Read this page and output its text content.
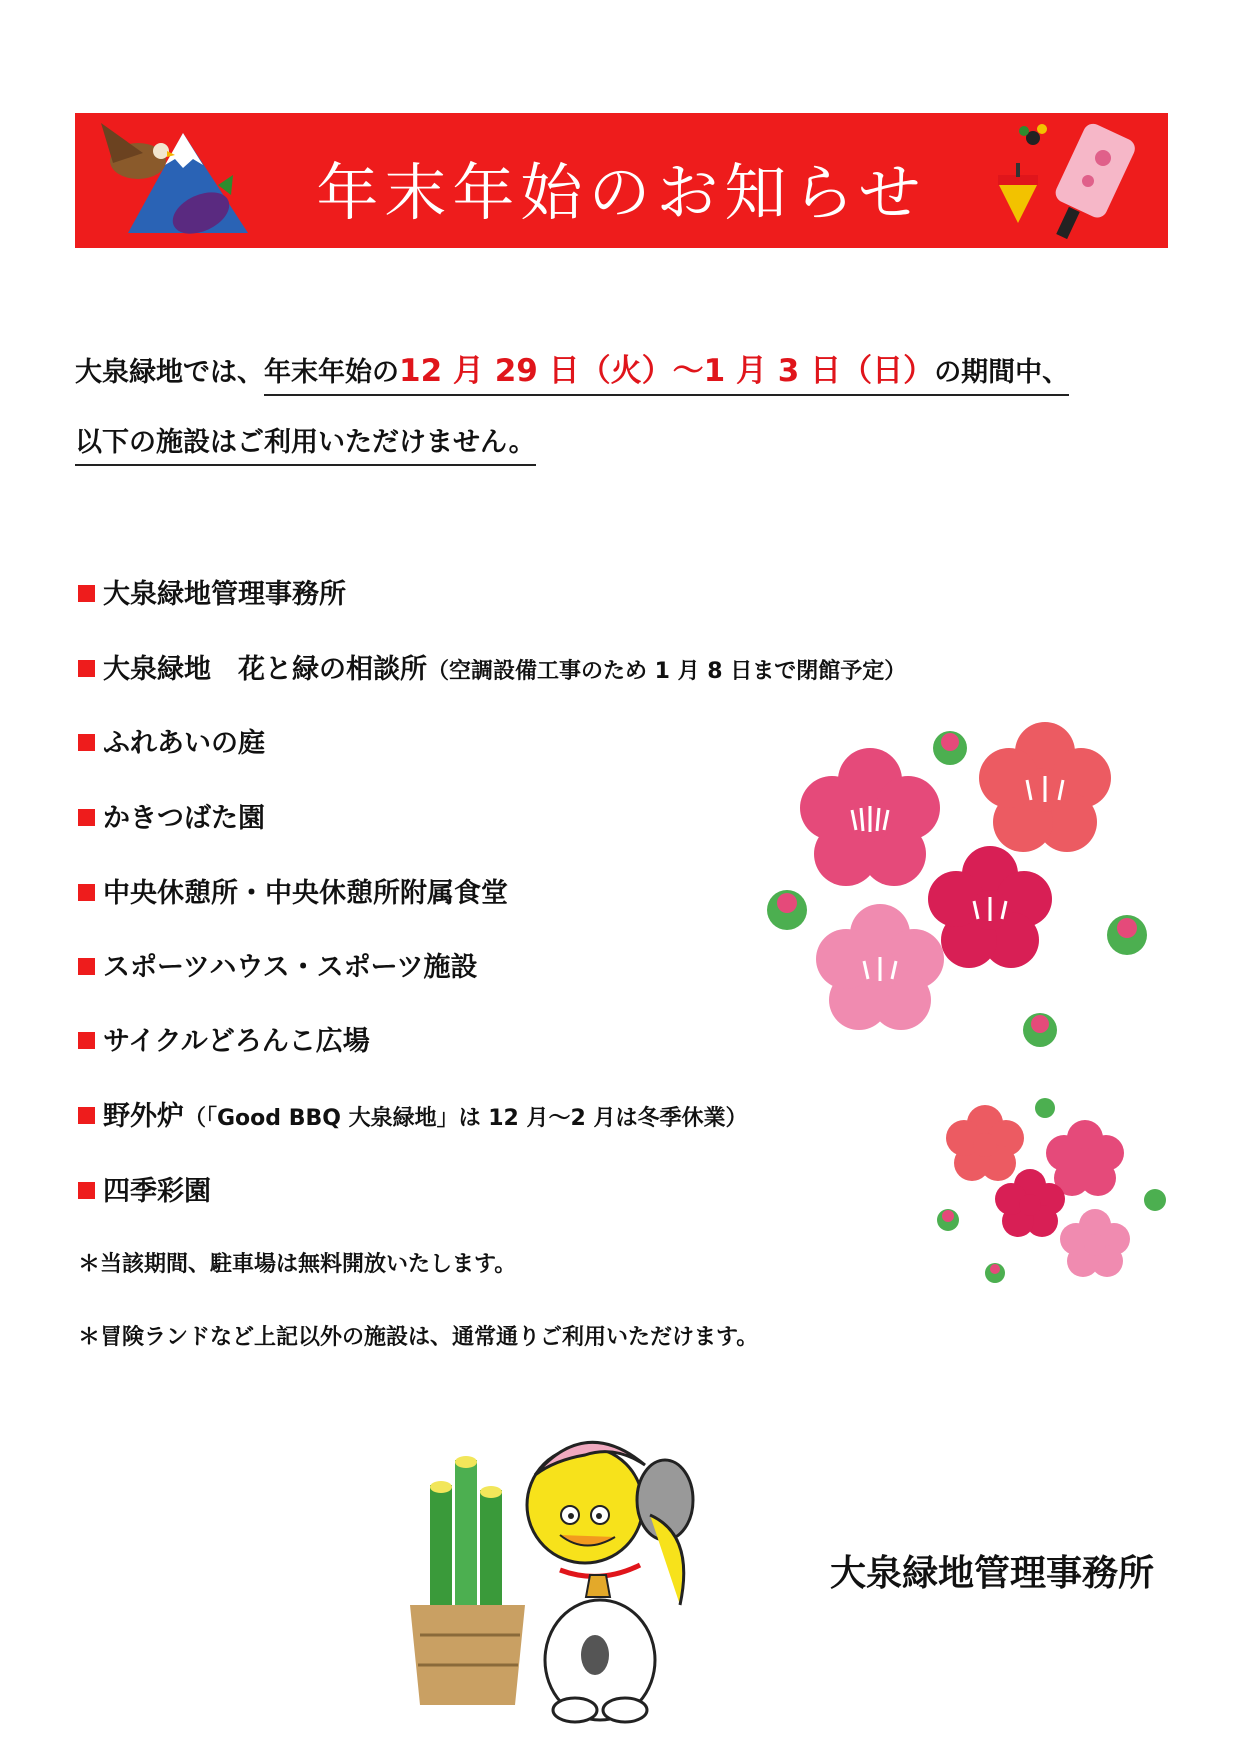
年末年始のお知らせ
大泉緑地では、年末年始の12 月 29 日（火）～1 月 3 日（日）の期間中、
以下の施設はご利用いただけません。
大泉緑地管理事務所
大泉緑地　花と緑の相談所 （空調設備工事のため 1 月 8 日まで閉館予定）
ふれあいの庭
かきつばた園
中央休憩所・中央休憩所附属食堂
スポーツハウス・スポーツ施設
サイクルどろんこ広場
野外炉 （「Good BBQ 大泉緑地」は 12 月～2 月は冬季休業）
四季彩園
＊当該期間、駐車場は無料開放いたします。
＊冒険ランドなど上記以外の施設は、通常通りご利用いただけます。
大泉緑地管理事務所
